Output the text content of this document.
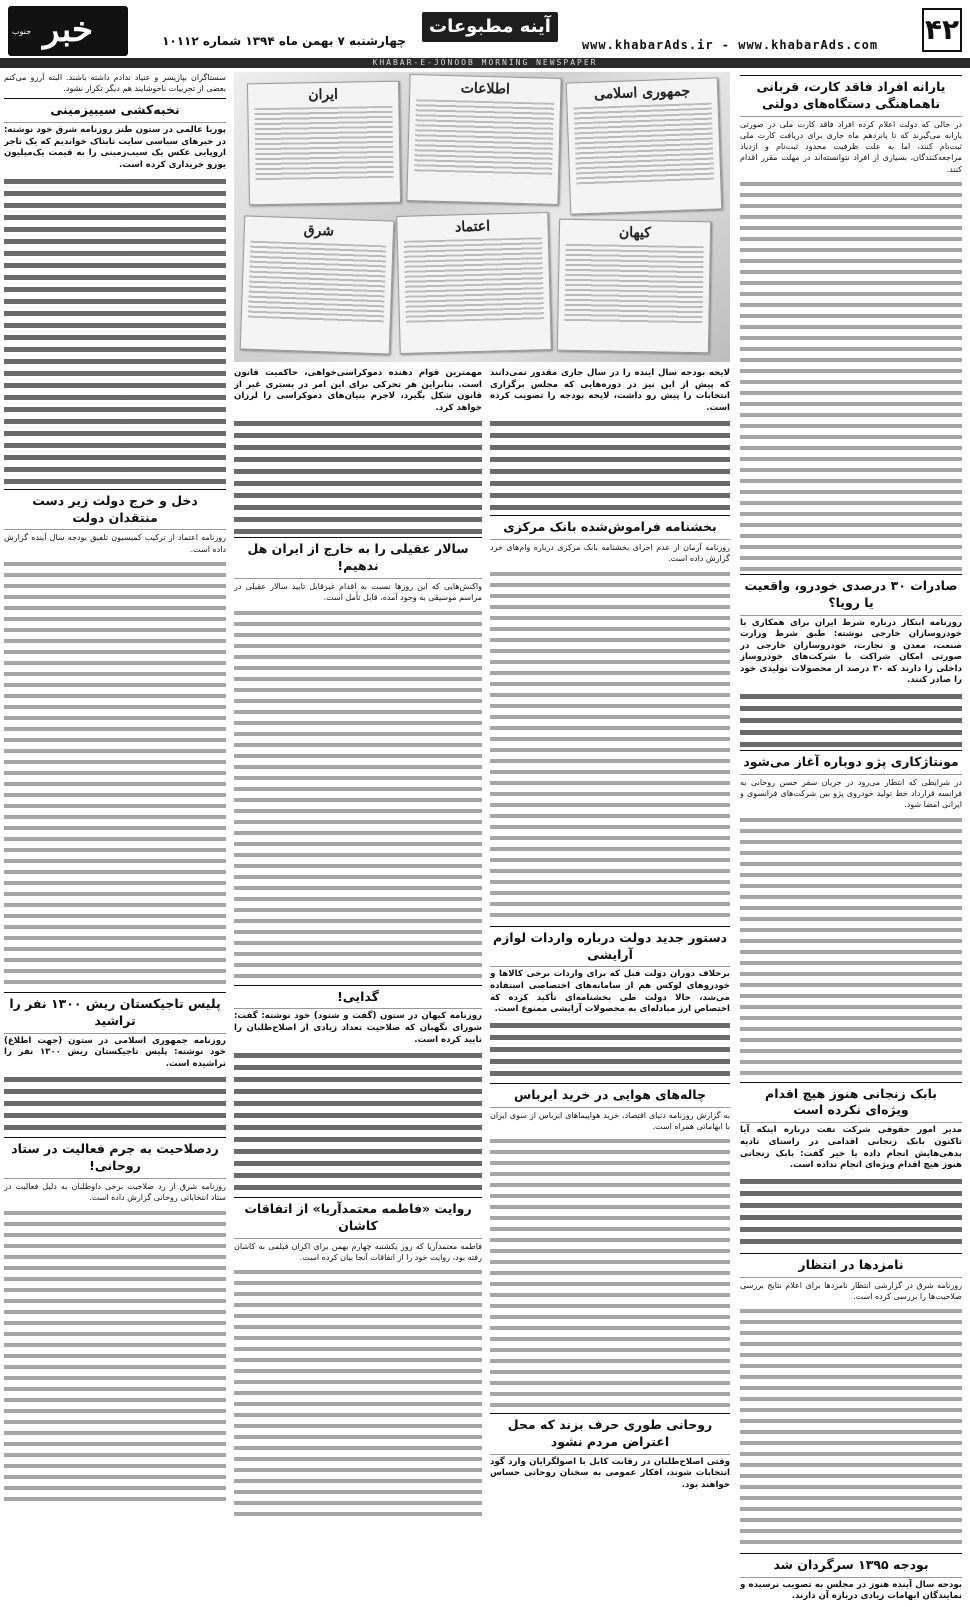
۴۲
www.khabarAds.ir - www.khabarAds.com
آینه مطبوعات
چهارشنبه ۷ بهمن ماه ۱۳۹۴ شماره ۱۰۱۱۲
جنوب خبر
KHABAR-E-JONOOB MORNING NEWSPAPER
یارانه افراد فاقد کارت، قربانی ناهماهنگی دستگاه‌های دولتی

در حالی که دولت اعلام کرده افراد فاقد کارت ملی در صورتی یارانه می‌گیرند که تا پانزدهم ماه جاری برای دریافت کارت ملی ثبت‌نام کنند، اما به علت ظرفیت محدود ثبت‌نام و ازدیاد مراجعه‌کنندگان، بسیاری از افراد نتوانسته‌اند در مهلت مقرر اقدام کنند.

صادرات ۳۰ درصدی خودرو، واقعیت یا رویا؟

روزنامه ابتکار درباره شرط ایران برای همکاری با خودروسازان خارجی نوشته: طبق شرط وزارت صنعت، معدن و تجارت، خودروسازان خارجی در صورتی امکان شراکت با شرکت‌های خودروساز داخلی را دارند که ۳۰ درصد از محصولات تولیدی خود را صادر کنند.

مونتاژکاری پژو دوباره آغاز می‌شود

در شرایطی که انتظار می‌رود در جریان سفر حسن روحانی به فرانسه قرارداد خط تولید خودروی پژو بین شرکت‌های فرانسوی و ایرانی امضا شود.

بابک زنجانی هنوز هیچ اقدام ویژه‌ای نکرده است

مدیر امور حقوقی شرکت نفت درباره اینکه آیا تاکنون بابک زنجانی اقدامی در راستای تادیه بدهی‌هایش انجام داده یا خیر گفت: بابک زنجانی هنوز هیچ اقدام ویژه‌ای انجام نداده است.

نامزدها در انتظار

روزنامه شرق در گزارشی انتظار نامزدها برای اعلام نتایج بررسی صلاحیت‌ها را بررسی کرده است.

بودجه ۱۳۹۵ سرگردان شد

بودجه سال آینده هنوز در مجلس به تصویب نرسیده و نمایندگان ابهامات زیادی درباره آن دارند.

جمهوری اسلامی
اطلاعات
ایران
کیهان
اعتماد
شرق

لایحه بودجه سال آینده را در سال جاری مقدور نمی‌دانند که پیش از این نیز در دوره‌هایی که مجلس برگزاری انتخابات را پیش رو داشت، لایحه بودجه را تصویب کرده است.

بخشنامه فراموش‌شده بانک مرکزی

روزنامه آرمان از عدم اجرای بخشنامه بانک مرکزی درباره وام‌های خرد گزارش داده است.

دستور جدید دولت درباره واردات لوازم آرایشی

برخلاف دوران دولت قبل که برای واردات برخی کالاها و خودروهای لوکس هم از سامانه‌های اختصاصی استفاده می‌شد، حالا دولت طی بخشنامه‌ای تأکید کرده که اختصاص ارز مبادله‌ای به محصولات آرایشی ممنوع است.

چاله‌های هوایی در خرید ایرباس

به گزارش روزنامه دنیای اقتصاد، خرید هواپیماهای ایرباس از سوی ایران با ابهاماتی همراه است.

روحانی طوری حرف بزند که محل اعتراض مردم نشود

وقتی اصلاح‌طلبان در رقابت کابل با اصولگرایان وارد گود انتخابات شوند، افکار عمومی به سخنان روحانی حساس خواهند بود.

مهمترین قوام دهنده دموکراسی‌خواهی، حاکمیت قانون است. بنابراین هر تحرکی برای این امر در بستری غیر از قانون شکل بگیرد، لاجرم بنیان‌های دموکراسی را لرزان خواهد کرد.

سالار عقیلی را به خارج از ایران هل ندهیم!

واکنش‌هایی که این روزها نسبت به اقدام غیرقابل تایید سالار عقیلی در مراسم موسیقی به وجود آمده، قابل تأمل است.

گدایی!

روزنامه کیهان در ستون (گفت و شنود) خود نوشته: گفت: شورای نگهبان که صلاحیت تعداد زیادی از اصلاح‌طلبان را تایید کرده است.

روایت «فاطمه معتمدآریا» از اتفاقات کاشان

فاطمه معتمدآریا که روز یکشنبه چهارم بهمن برای اکران فیلمی به کاشان رفته بود، روایت خود را از اتفاقات آنجا بیان کرده است.

سستاگران بپازیسر و عتیاد ندادم داشته باشند. البته آرزو می‌کنم بعضی از تجربیات ناخوشایند هم دیگر تکرار نشود.

نخبه‌کشی سیبیزمینی

پوریا عالمی در ستون طنز روزنامه شرق خود نوشته: در خبرهای سیاسی سایت تابناک خواندیم که یک تاجر اروپایی عکس یک سیب‌زمینی را به قیمت یک‌میلیون یورو خریداری کرده است.

دخل و خرج دولت زیر دست منتقدان دولت

روزنامه اعتماد از ترکیب کمیسیون تلفیق بودجه سال آینده گزارش داده است.

پلیس تاجیکستان ریش ۱۳۰۰ نفر را تراشید

روزنامه جمهوری اسلامی در ستون (جهت اطلاع) خود نوشته: پلیس تاجیکستان ریش ۱۳۰۰ نفر را تراشیده است.

ردصلاحیت به جرم فعالیت در ستاد روحانی!

روزنامه شرق از رد صلاحیت برخی داوطلبان به دلیل فعالیت در ستاد انتخاباتی روحانی گزارش داده است.
